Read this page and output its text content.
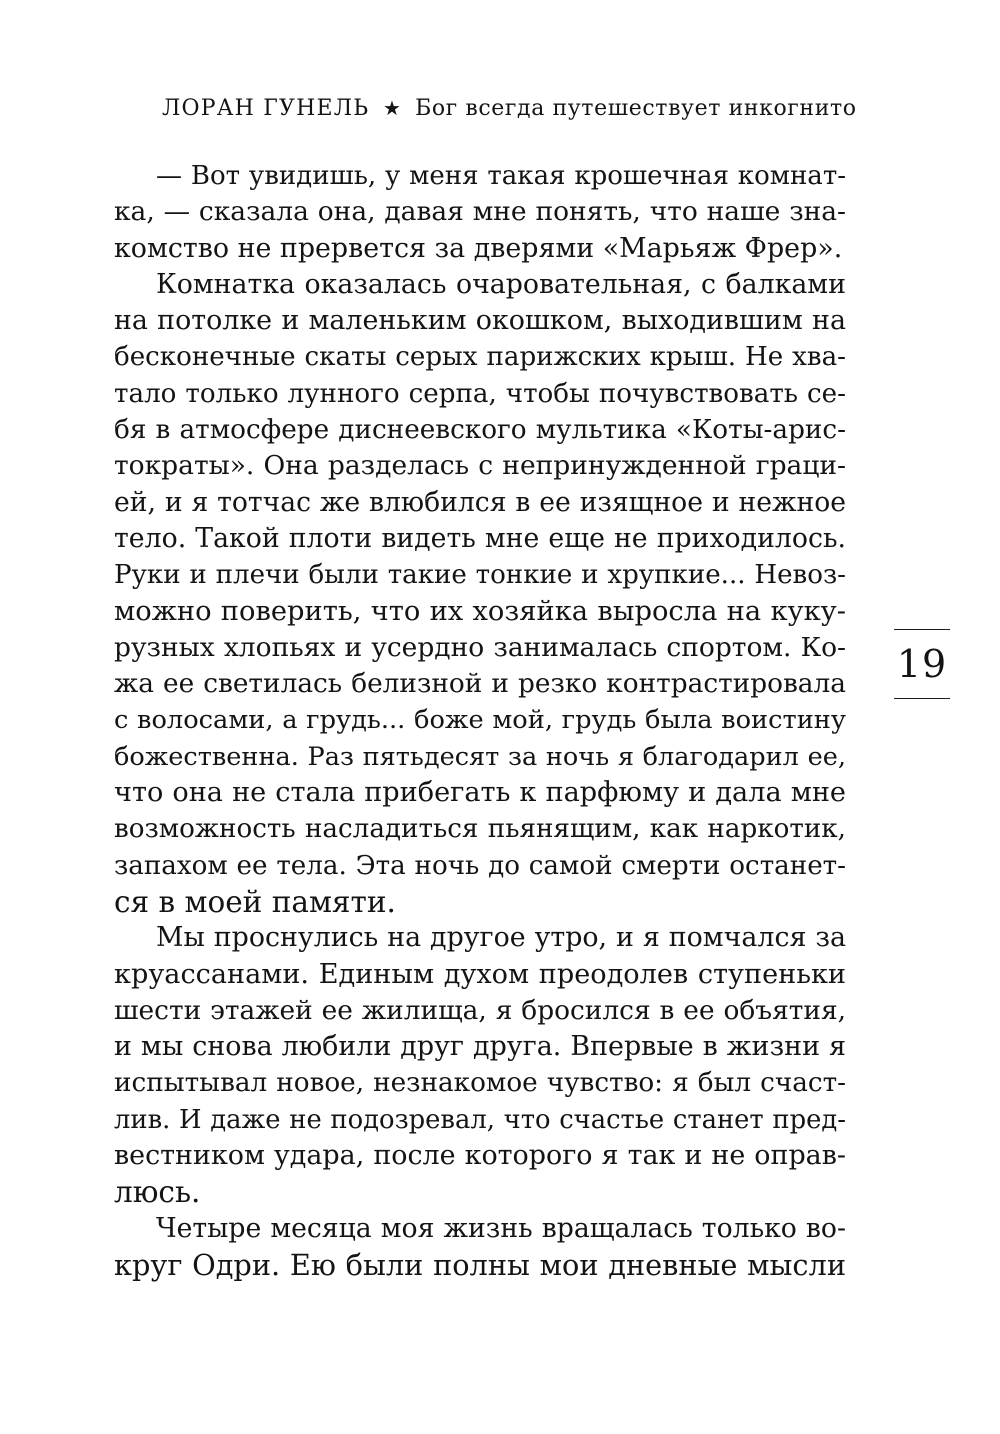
ЛОРАН ГУНЕЛЬ ★ Бог всегда путешествует инкогнито
— Вот увидишь, у меня такая крошечная комнат-
ка, — сказала она, давая мне понять, что наше зна-
комство не прервется за дверями «Марьяж Фрер».
Комнатка оказалась очаровательная, с балками
на потолке и маленьким окошком, выходившим на
бесконечные скаты серых парижских крыш. Не хва-
тало только лунного серпа, чтобы почувствовать се-
бя в атмосфере диснеевского мультика «Коты-арис-
тократы». Она разделась с непринужденной граци-
ей, и я тотчас же влюбился в ее изящное и нежное
тело. Такой плоти видеть мне еще не приходилось.
Руки и плечи были такие тонкие и хрупкие... Невоз-
можно поверить, что их хозяйка выросла на куку-
рузных хлопьях и усердно занималась спортом. Ко-
жа ее светилась белизной и резко контрастировала
с волосами, а грудь... боже мой, грудь была воистину
божественна. Раз пятьдесят за ночь я благодарил ее,
что она не стала прибегать к парфюму и дала мне
возможность насладиться пьянящим, как наркотик,
запахом ее тела. Эта ночь до самой смерти останет-
ся в моей памяти.
Мы проснулись на другое утро, и я помчался за
круассанами. Единым духом преодолев ступеньки
шести этажей ее жилища, я бросился в ее объятия,
и мы снова любили друг друга. Впервые в жизни я
испытывал новое, незнакомое чувство: я был счаст-
лив. И даже не подозревал, что счастье станет пред-
вестником удара, после которого я так и не оправ-
люсь.
Четыре месяца моя жизнь вращалась только во-
круг Одри. Ею были полны мои дневные мысли
19
